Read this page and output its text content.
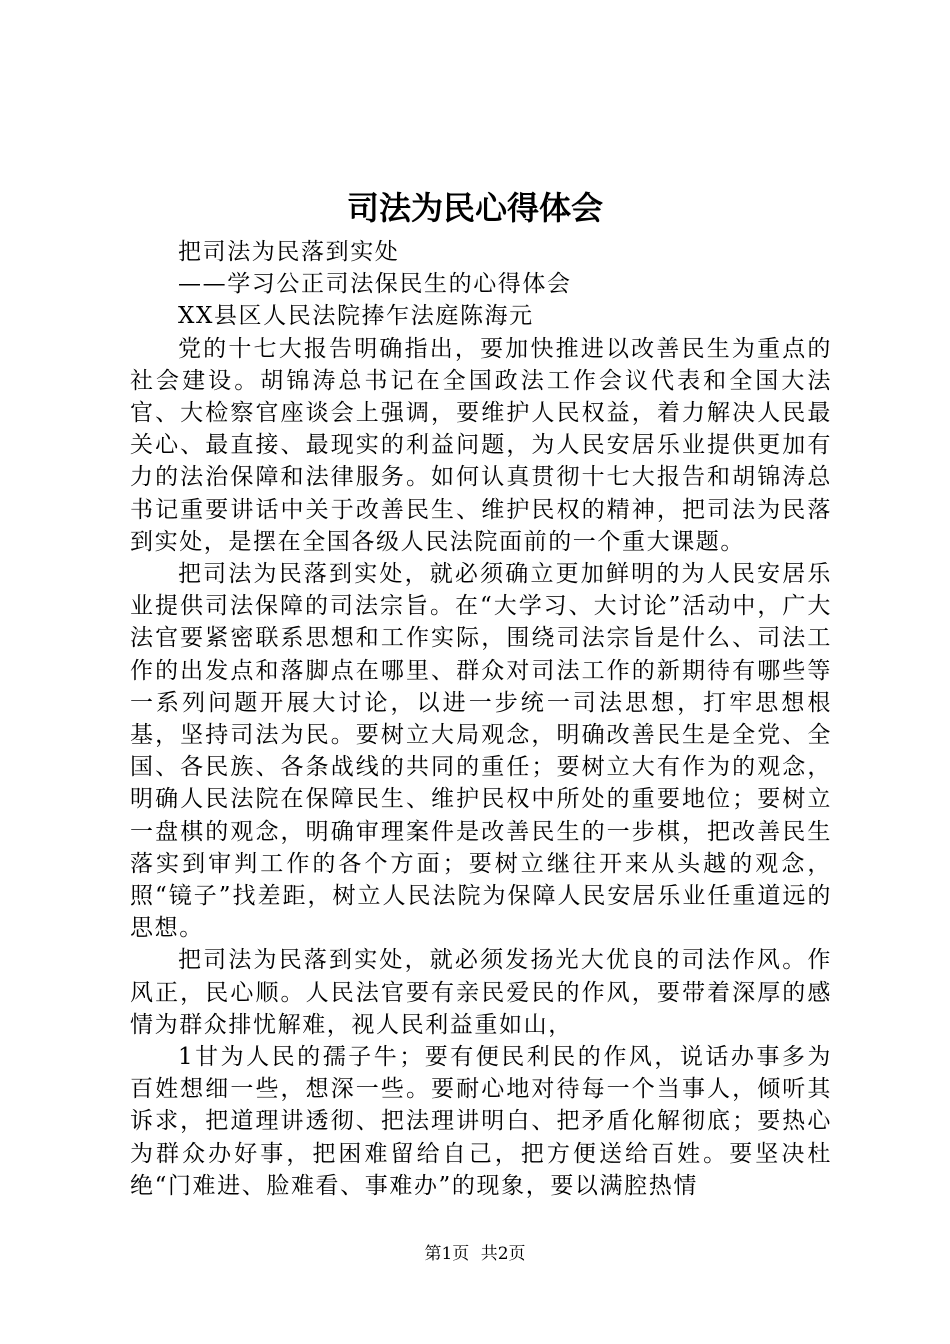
司法为民心得体会

把司法为民落到实处

——学习公正司法保民生的心得体会

XX县区人民法院捧乍法庭陈海元

党的十七大报告明确指出，要加快推进以改善民生为重点的社会建设。胡锦涛总书记在全国政法工作会议代表和全国大法官、大检察官座谈会上强调，要维护人民权益，着力解决人民最关心、最直接、最现实的利益问题，为人民安居乐业提供更加有力的法治保障和法律服务。如何认真贯彻十七大报告和胡锦涛总书记重要讲话中关于改善民生、维护民权的精神，把司法为民落到实处，是摆在全国各级人民法院面前的一个重大课题。

把司法为民落到实处，就必须确立更加鲜明的为人民安居乐业提供司法保障的司法宗旨。在“大学习、大讨论”活动中，广大法官要紧密联系思想和工作实际，围绕司法宗旨是什么、司法工作的出发点和落脚点在哪里、群众对司法工作的新期待有哪些等一系列问题开展大讨论，以进一步统一司法思想，打牢思想根基，坚持司法为民。要树立大局观念，明确改善民生是全党、全国、各民族、各条战线的共同的重任；要树立大有作为的观念，明确人民法院在保障民生、维护民权中所处的重要地位；要树立一盘棋的观念，明确审理案件是改善民生的一步棋，把改善民生落实到审判工作的各个方面；要树立继往开来从头越的观念，照“镜子”找差距，树立人民法院为保障人民安居乐业任重道远的思想。

把司法为民落到实处，就必须发扬光大优良的司法作风。作风正，民心顺。人民法官要有亲民爱民的作风，要带着深厚的感情为群众排忧解难，视人民利益重如山，

1甘为人民的孺子牛；要有便民利民的作风，说话办事多为百姓想细一些，想深一些。要耐心地对待每一个当事人，倾听其诉求，把道理讲透彻、把法理讲明白、把矛盾化解彻底；要热心为群众办好事，把困难留给自己，把方便送给百姓。要坚决杜绝“门难进、脸难看、事难办”的现象，要以满腔热情

第1页 共2页
